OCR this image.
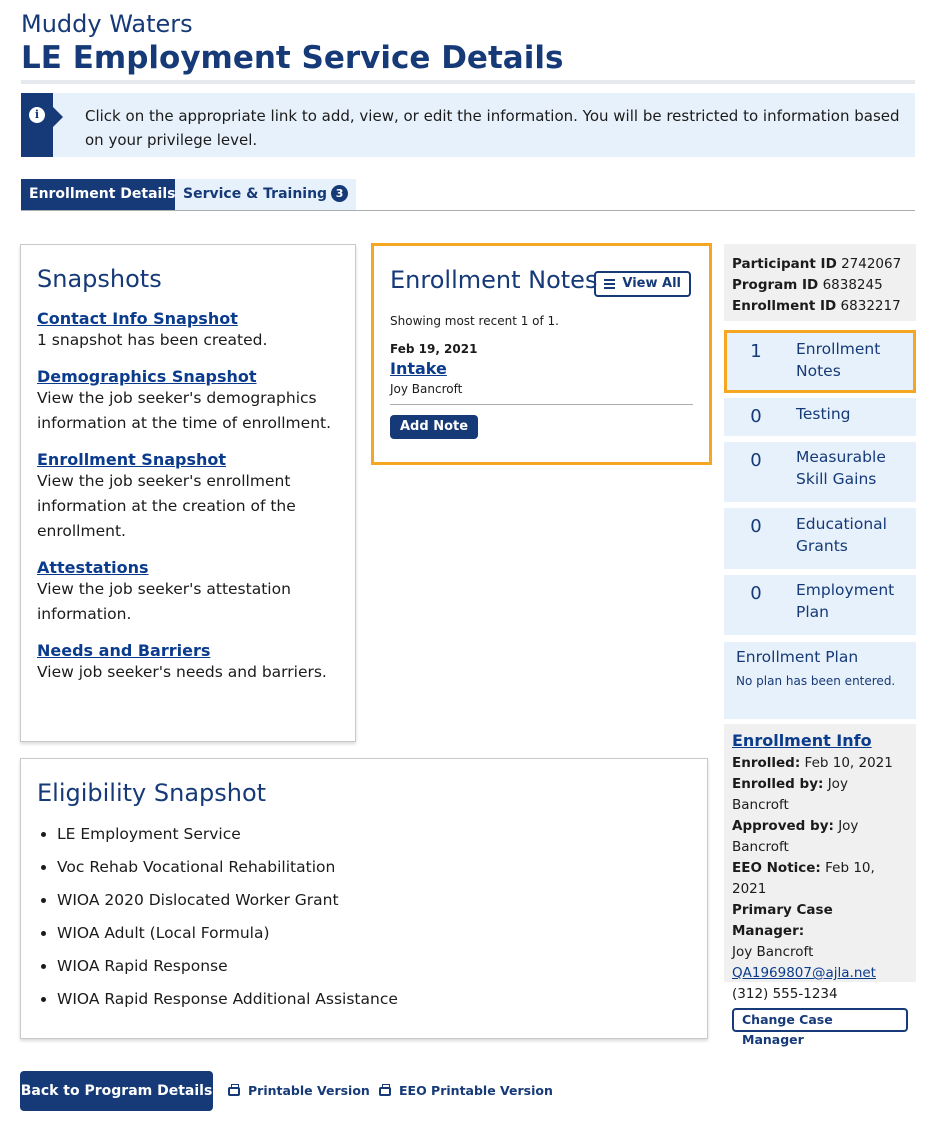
Muddy Waters
LE Employment Service Details
i	Click on the appropriate link to add, view, or edit the information. You will be restricted to information based on your privilege level.
Enrollment Details Service & Training 3
Snapshots
Contact Info Snapshot
1 snapshot has been created.
Demographics Snapshot
View the job seeker's demographics information at the time of enrollment.
Enrollment Snapshot
View the job seeker's enrollment information at the creation of the enrollment.
Attestations
View the job seeker's attestation information.
Needs and Barriers
View job seeker's needs and barriers.
Enrollment Notes	View All
Showing most recent 1 of 1.
Feb 19, 2021
Intake
Joy Bancroft
Add Note
Eligibility Snapshot
• LE Employment Service
• Voc Rehab Vocational Rehabilitation
• WIOA 2020 Dislocated Worker Grant
• WIOA Adult (Local Formula)
• WIOA Rapid Response
• WIOA Rapid Response Additional Assistance
Participant ID 2742067
Program ID 6838245
Enrollment ID 6832217
1	Enrollment Notes
0	Testing
0	Measurable Skill Gains
0	Educational Grants
0	Employment Plan
Enrollment Plan
No plan has been entered.
Enrollment Info
Enrolled: Feb 10, 2021
Enrolled by: Joy Bancroft
Approved by: Joy Bancroft
EEO Notice: Feb 10, 2021
Primary Case Manager:
Joy Bancroft
QA1969807@ajla.net
(312) 555-1234
Change Case Manager
Back to Program Details	Printable Version	EEO Printable Version
